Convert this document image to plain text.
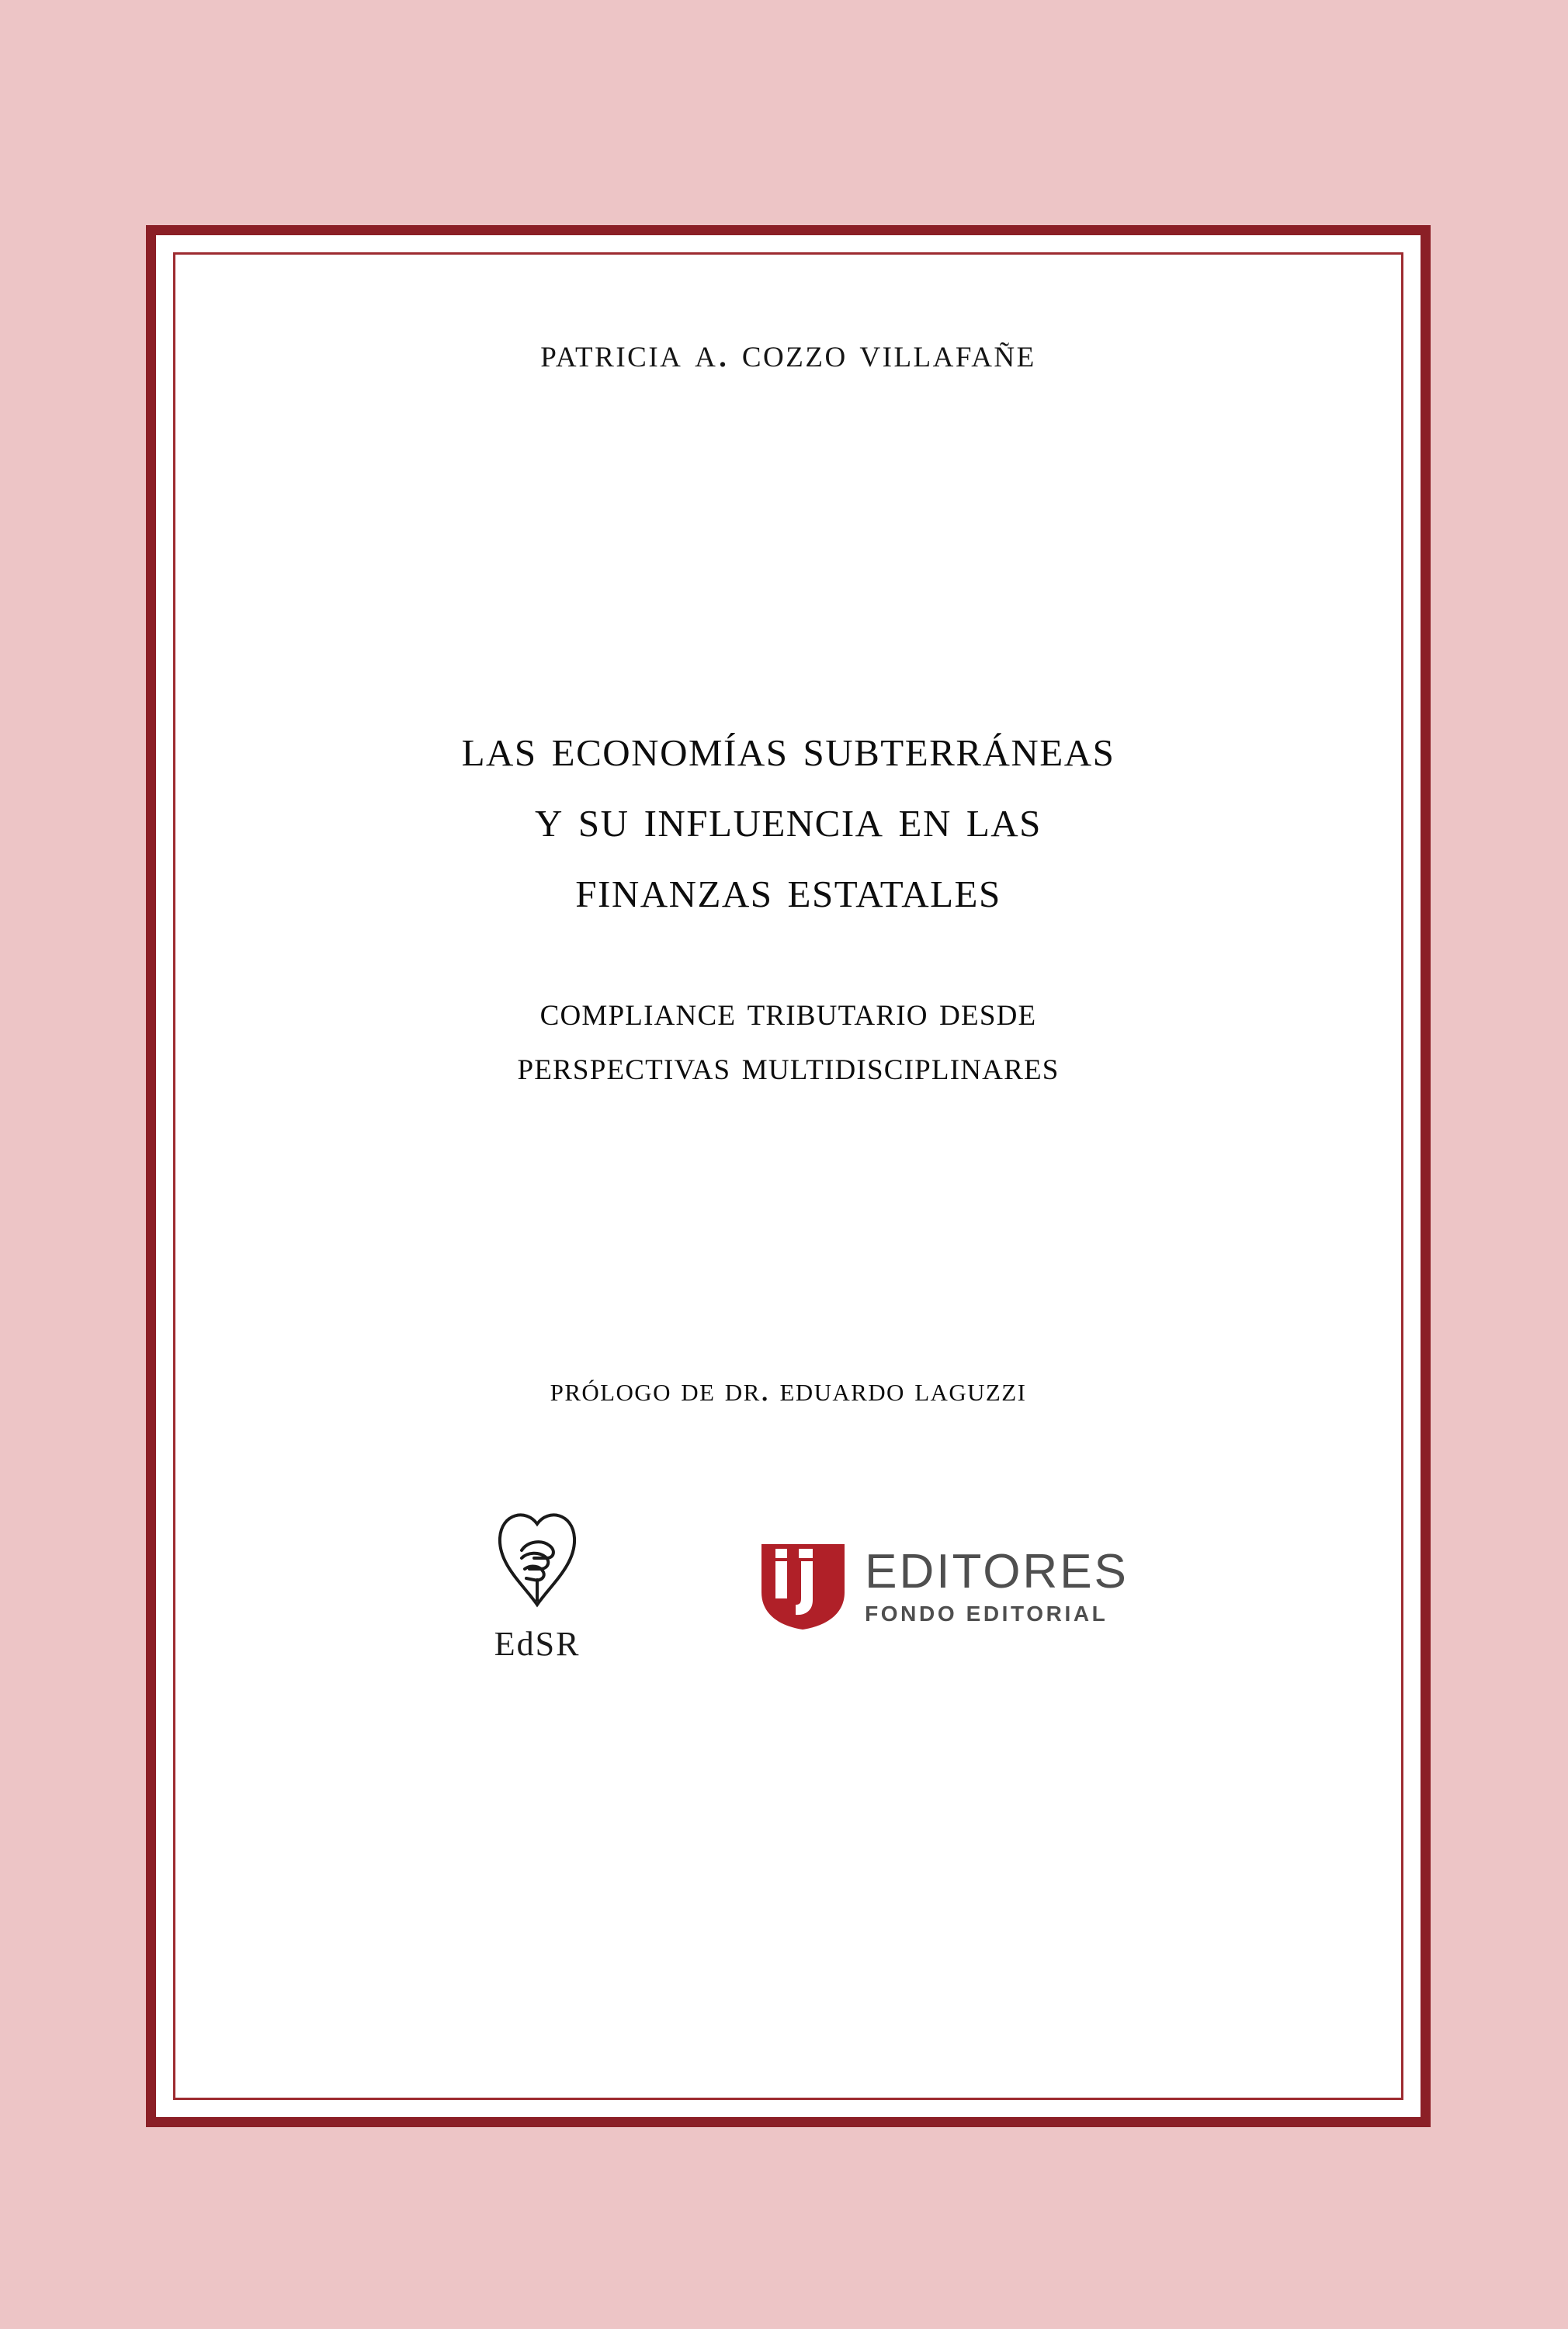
patricia a. cozzo villafañe
las economías subterráneas
y su influencia en las
finanzas estatales
compliance tributario desde
perspectivas multidisciplinares
prólogo de dr. eduardo laguzzi
EdSR
EDITORES
FONDO EDITORIAL
